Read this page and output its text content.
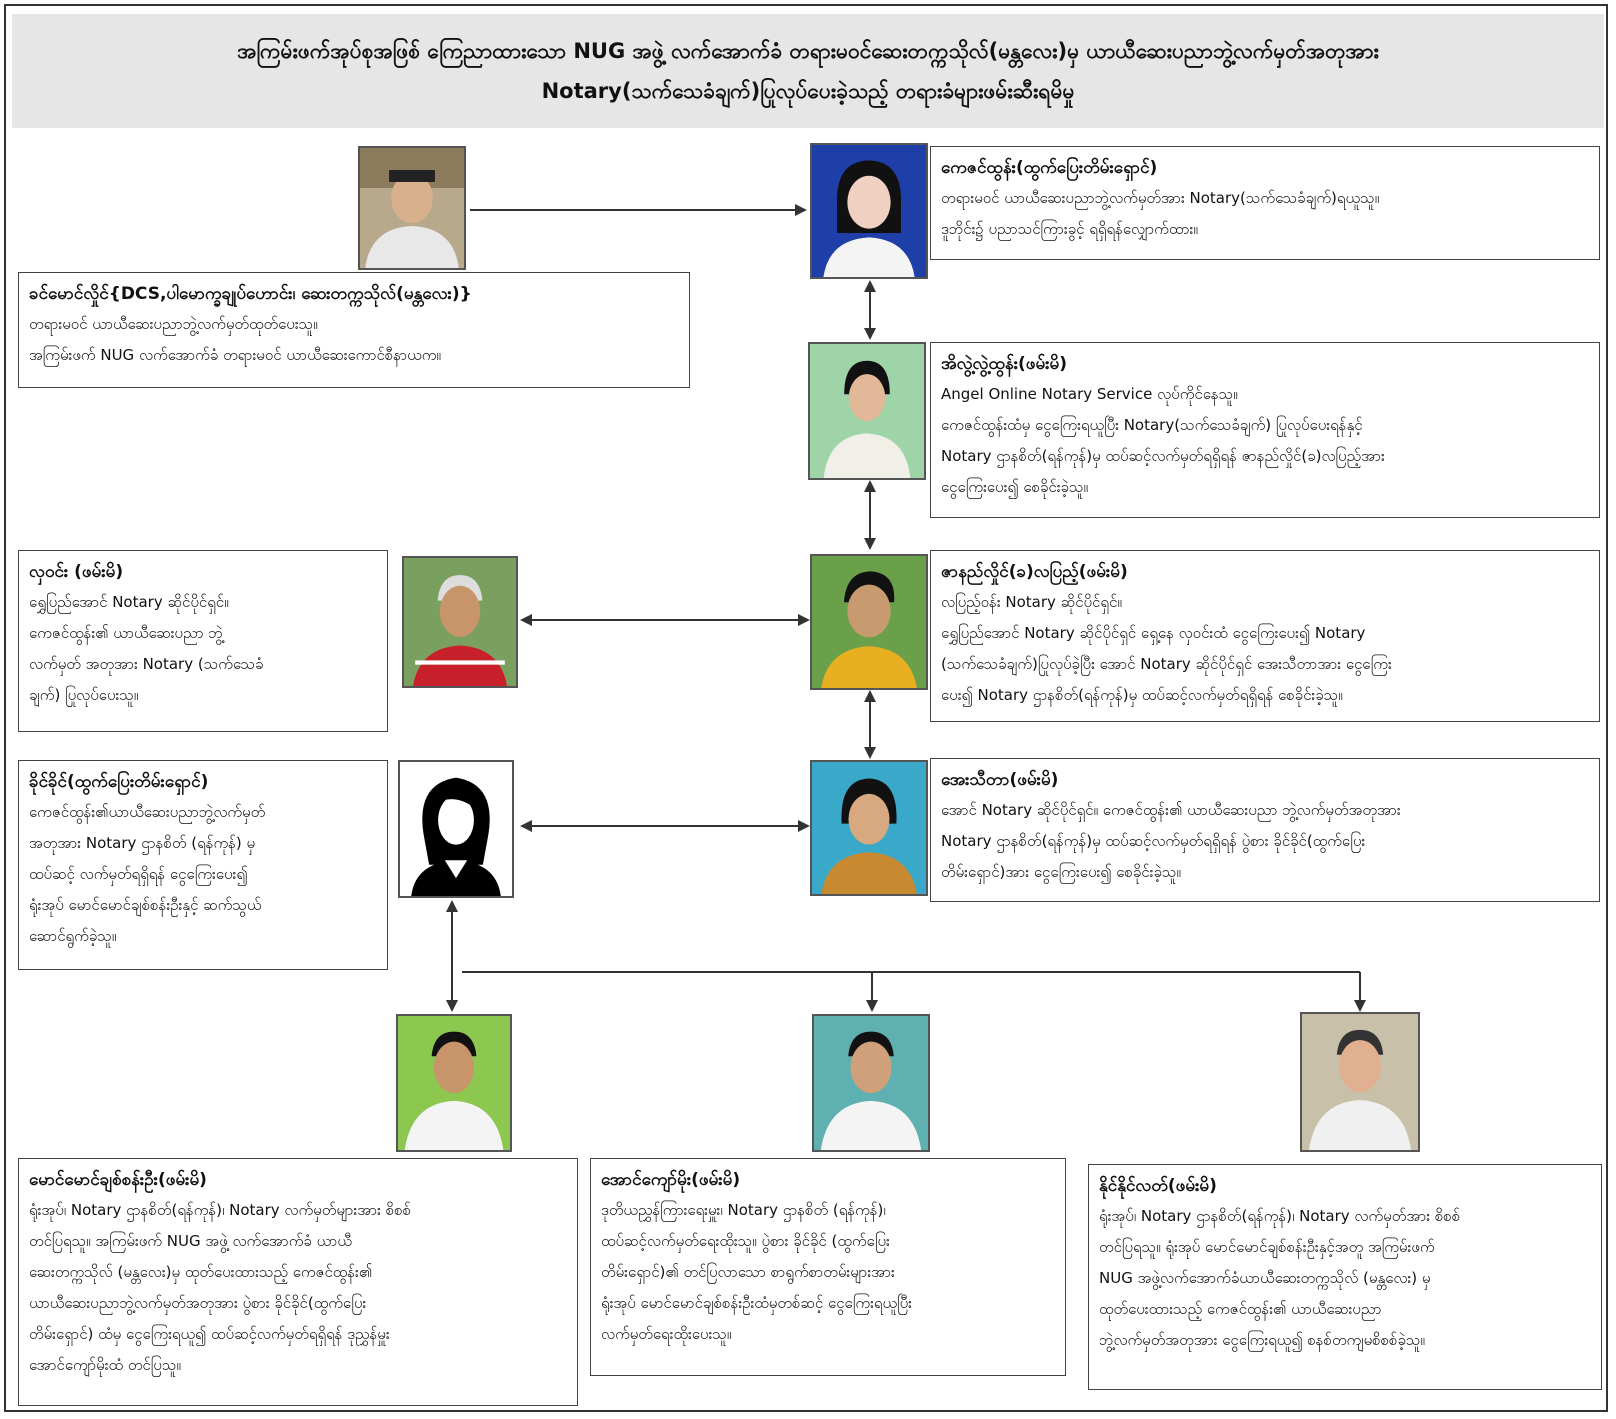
အကြမ်းဖက်အုပ်စုအဖြစ် ကြေညာထားသော NUG အဖွဲ့ လက်အောက်ခံ တရားမဝင်ဆေးတက္ကသိုလ်(မန္တလေး)မှ ယာယီဆေးပညာဘွဲ့လက်မှတ်အတုအား
Notary(သက်သေခံချက်)ပြုလုပ်ပေးခဲ့သည့် တရားခံများဖမ်းဆီးရမိမှု
ခင်မောင်လှိုင်{DCS,ပါမောက္ခချုပ်ဟောင်း၊ ဆေးတက္ကသိုလ်(မန္တလေး)}
တရားမဝင် ယာယီဆေးပညာဘွဲ့လက်မှတ်ထုတ်ပေးသူ။
အကြမ်းဖက် NUG လက်အောက်ခံ တရားမဝင် ယာယီဆေးကောင်စီနာယက။
ကေဇင်ထွန်း(ထွက်ပြေးတိမ်းရှောင်)
တရားမဝင် ယာယီဆေးပညာဘွဲ့လက်မှတ်အား Notary(သက်သေခံချက်)ရယူသူ။
ဒူဘိုင်း၌ ပညာသင်ကြားခွင့် ရရှိရန်လျှောက်ထား။
အိလွဲ့လွဲ့ထွန်း(ဖမ်းမိ)
Angel Online Notary Service လုပ်ကိုင်နေသူ။
ကေဇင်ထွန်းထံမှ ငွေကြေးရယူပြီး Notary(သက်သေခံချက်) ပြုလုပ်ပေးရန်နှင့်
Notary ဌာနစိတ်(ရန်ကုန်)မှ ထပ်ဆင့်လက်မှတ်ရရှိရန် ဇာနည်လှိုင်(ခ)လပြည့်အား
ငွေကြေးပေး၍ စေခိုင်းခဲ့သူ။
ဇာနည်လှိုင်(ခ)လပြည့်(ဖမ်းမိ)
လပြည့်ဝန်း Notary ဆိုင်ပိုင်ရှင်။
ရွှေပြည်အောင် Notary ဆိုင်ပိုင်ရှင် ရှေ့နေ လှဝင်းထံ ငွေကြေးပေး၍ Notary
(သက်သေခံချက်)ပြုလုပ်ခဲ့ပြီး အောင် Notary ဆိုင်ပိုင်ရှင် အေးသီတာအား ငွေကြေး
ပေး၍ Notary ဌာနစိတ်(ရန်ကုန်)မှ ထပ်ဆင့်လက်မှတ်ရရှိရန် စေခိုင်းခဲ့သူ။
လှဝင်း (ဖမ်းမိ)
ရွှေပြည်အောင် Notary ဆိုင်ပိုင်ရှင်။
ကေဇင်ထွန်း၏ ယာယီဆေးပညာ ဘွဲ့
လက်မှတ် အတုအား Notary (သက်သေခံ
ချက်) ပြုလုပ်ပေးသူ။
ခိုင်ခိုင်(ထွက်ပြေးတိမ်းရှောင်)
ကေဇင်ထွန်း၏ယာယီဆေးပညာဘွဲ့လက်မှတ်
အတုအား Notary ဌာနစိတ် (ရန်ကုန်) မှ
ထပ်ဆင့် လက်မှတ်ရရှိရန် ငွေကြေးပေး၍
ရုံးအုပ် မောင်မောင်ချစ်စန်းဦးနှင့် ဆက်သွယ်
ဆောင်ရွက်ခဲ့သူ။
အေးသီတာ(ဖမ်းမိ)
အောင် Notary ဆိုင်ပိုင်ရှင်။ ကေဇင်ထွန်း၏ ယာယီဆေးပညာ ဘွဲ့လက်မှတ်အတုအား
Notary ဌာနစိတ်(ရန်ကုန်)မှ ထပ်ဆင့်လက်မှတ်ရရှိရန် ပွဲစား ခိုင်ခိုင်(ထွက်ပြေး
တိမ်းရှောင်)အား ငွေကြေးပေး၍ စေခိုင်းခဲ့သူ။
မောင်မောင်ချစ်စန်းဦး(ဖမ်းမိ)
ရုံးအုပ်၊ Notary ဌာနစိတ်(ရန်ကုန်)၊ Notary လက်မှတ်များအား စိစစ်
တင်ပြရသူ။ အကြမ်းဖက် NUG အဖွဲ့ လက်အောက်ခံ ယာယီ
ဆေးတက္ကသိုလ် (မန္တလေး)မှ ထုတ်ပေးထားသည့် ကေဇင်ထွန်း၏
ယာယီဆေးပညာဘွဲ့လက်မှတ်အတုအား ပွဲစား ခိုင်ခိုင်(ထွက်ပြေး
တိမ်းရှောင်) ထံမှ ငွေကြေးရယူ၍ ထပ်ဆင့်လက်မှတ်ရရှိရန် ဒုညွှန်မှူး
အောင်ကျော်မိုးထံ တင်ပြသူ။
အောင်ကျော်မိုး(ဖမ်းမိ)
ဒုတိယညွှန်ကြားရေးမှူး၊ Notary ဌာနစိတ် (ရန်ကုန်)၊
ထပ်ဆင့်လက်မှတ်ရေးထိုးသူ။ ပွဲစား ခိုင်ခိုင် (ထွက်ပြေး
တိမ်းရှောင်)၏ တင်ပြလာသော စာရွက်စာတမ်းများအား
ရုံးအုပ် မောင်မောင်ချစ်စန်းဦးထံမှတစ်ဆင့် ငွေကြေးရယူပြီး
လက်မှတ်ရေးထိုးပေးသူ။
နိုင်နိုင်လတ်(ဖမ်းမိ)
ရုံးအုပ်၊ Notary ဌာနစိတ်(ရန်ကုန်)၊ Notary လက်မှတ်အား စိစစ်
တင်ပြရသူ။ ရုံးအုပ် မောင်မောင်ချစ်စန်းဦးနှင့်အတူ အကြမ်းဖက်
NUG အဖွဲ့လက်အောက်ခံယာယီဆေးတက္ကသိုလ် (မန္တလေး) မှ
ထုတ်ပေးထားသည့် ကေဇင်ထွန်း၏ ယာယီဆေးပညာ
ဘွဲ့လက်မှတ်အတုအား ငွေကြေးရယူ၍ စနစ်တကျမစိစစ်ခဲ့သူ။
